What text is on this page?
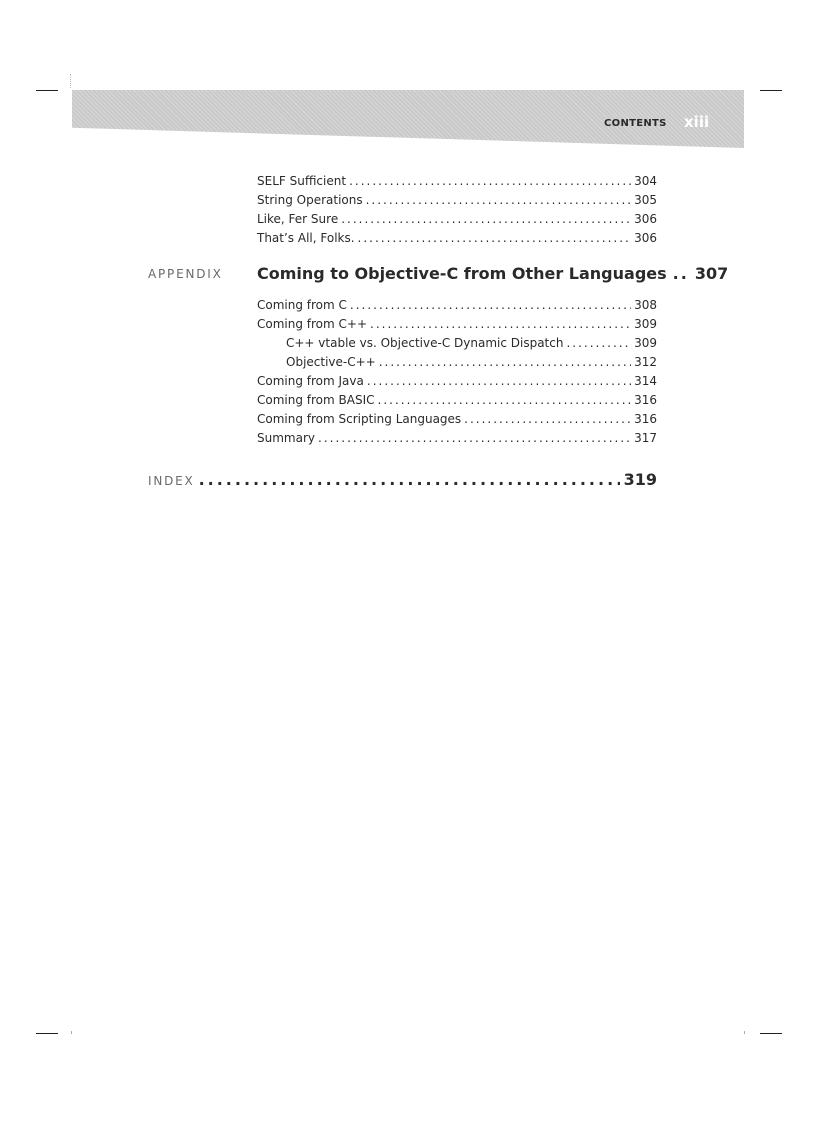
CONTENTS xiii
SELF Sufficient .....	304
String Operations .....	305
Like, Fer Sure .....	306
That’s All, Folks. .....	306
APPENDIX Coming to Objective-C from Other Languages .. 307
Coming from C .....	308
Coming from C++ .....	309
C++ vtable vs. Objective-C Dynamic Dispatch .....	309
Objective-C++ .....	312
Coming from Java .....	314
Coming from BASIC .....	316
Coming from Scripting Languages .....	316
Summary .....	317
INDEX .....	319
